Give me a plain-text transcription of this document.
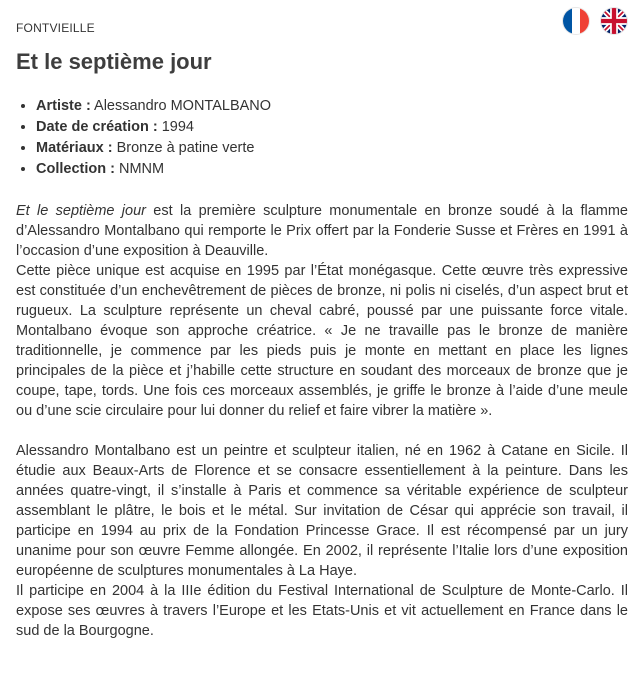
FONTVIEILLE
Et le septième jour
• Artiste : Alessandro MONTALBANO
• Date de création : 1994
• Matériaux : Bronze à patine verte
• Collection : NMNM

Et le septième jour est la première sculpture monumentale en bronze soudé à la flamme d’Alessandro Montalbano qui remporte le Prix offert par la Fonderie Susse et Frères en 1991 à l’occasion d’une exposition à Deauville.

Cette pièce unique est acquise en 1995 par l’État monégasque. Cette œuvre très expressive est constituée d’un enchevêtrement de pièces de bronze, ni polis ni ciselés, d’un aspect brut et rugueux. La sculpture représente un cheval cabré, poussé par une puissante force vitale. Montalbano évoque son approche créatrice. « Je ne travaille pas le bronze de manière traditionnelle, je commence par les pieds puis je monte en mettant en place les lignes principales de la pièce et j’habille cette structure en soudant des morceaux de bronze que je coupe, tape, tords. Une fois ces morceaux assemblés, je griffe le bronze à l’aide d’une meule ou d’une scie circulaire pour lui donner du relief et faire vibrer la matière ».

Alessandro Montalbano est un peintre et sculpteur italien, né en 1962 à Catane en Sicile. Il étudie aux Beaux-Arts de Florence et se consacre essentiellement à la peinture. Dans les années quatre-vingt, il s’installe à Paris et commence sa véritable expérience de sculpteur assemblant le plâtre, le bois et le métal. Sur invitation de César qui apprécie son travail, il participe en 1994 au prix de la Fondation Princesse Grace. Il est récompensé par un jury unanime pour son œuvre Femme allongée. En 2002, il représente l’Italie lors d’une exposition européenne de sculptures monumentales à La Haye.

Il participe en 2004 à la IIIe édition du Festival International de Sculpture de Monte-Carlo. Il expose ses œuvres à travers l’Europe et les Etats-Unis et vit actuellement en France dans le sud de la Bourgogne.
